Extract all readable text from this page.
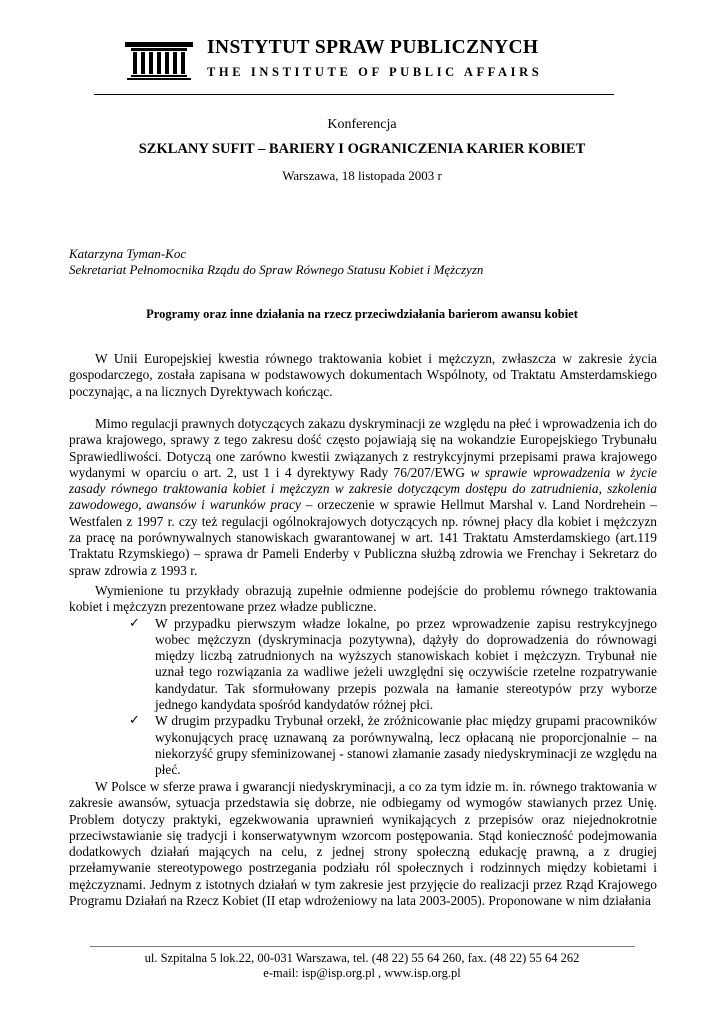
INSTYTUT SPRAW PUBLICZNYCH
THE INSTITUTE OF PUBLIC AFFAIRS
Konferencja
SZKLANY SUFIT – BARIERY I OGRANICZENIA KARIER KOBIET
Warszawa, 18 listopada 2003 r
Katarzyna Tyman-Koc
Sekretariat Pełnomocnika Rządu do Spraw Równego Statusu Kobiet i Mężczyzn
Programy oraz inne działania na rzecz przeciwdziałania barierom awansu kobiet

W Unii Europejskiej kwestia równego traktowania kobiet i mężczyzn, zwłaszcza w zakresie życia gospodarczego, została zapisana w podstawowych dokumentach Wspólnoty, od Traktatu Amsterdamskiego poczynając, a na licznych Dyrektywach kończąc.

Mimo regulacji prawnych dotyczących zakazu dyskryminacji ze względu na płeć i wprowadzenia ich do prawa krajowego, sprawy z tego zakresu dość często pojawiają się na wokandzie Europejskiego Trybunału Sprawiedliwości. Dotyczą one zarówno kwestii związanych z restrykcyjnymi przepisami prawa krajowego wydanymi w oparciu o art. 2, ust 1 i 4 dyrektywy Rady 76/207/EWG w sprawie wprowadzenia w życie zasady równego traktowania kobiet i mężczyzn w zakresie dotyczącym dostępu do zatrudnienia, szkolenia zawodowego, awansów i warunków pracy – orzeczenie w sprawie Hellmut Marshal v. Land Nordrehein – Westfalen z 1997 r. czy też regulacji ogólnokrajowych dotyczących np. równej płacy dla kobiet i mężczyzn za pracę na porównywalnych stanowiskach gwarantowanej w art. 141 Traktatu Amsterdamskiego (art.119 Traktatu Rzymskiego) – sprawa dr Pameli Enderby v Publiczna służbą zdrowia we Frenchay i Sekretarz do spraw zdrowia z 1993 r.

Wymienione tu przykłady obrazują zupełnie odmienne podejście do problemu równego traktowania kobiet i mężczyzn prezentowane przez władze publiczne.
✓ W przypadku pierwszym władze lokalne, po przez wprowadzenie zapisu restrykcyjnego wobec mężczyzn (dyskryminacja pozytywna), dążyły do doprowadzenia do równowagi między liczbą zatrudnionych na wyższych stanowiskach kobiet i mężczyzn. Trybunał nie uznał tego rozwiązania za wadliwe jeżeli uwzględni się oczywiście rzetelne rozpatrywanie kandydatur. Tak sformułowany przepis pozwala na łamanie stereotypów przy wyborze jednego kandydata spośród kandydatów różnej płci.
✓ W drugim przypadku Trybunał orzekł, że zróżnicowanie płac między grupami pracowników wykonujących pracę uznawaną za porównywalną, lecz opłacaną nie proporcjonalnie – na niekorzyść grupy sfeminizowanej - stanowi złamanie zasady niedyskryminacji ze względu na płeć.

W Polsce w sferze prawa i gwarancji niedyskryminacji, a co za tym idzie m. in. równego traktowania w zakresie awansów, sytuacja przedstawia się dobrze, nie odbiegamy od wymogów stawianych przez Unię. Problem dotyczy praktyki, egzekwowania uprawnień wynikających z przepisów oraz niejednokrotnie przeciwstawianie się tradycji i konserwatywnym wzorcom postępowania. Stąd konieczność podejmowania dodatkowych działań mających na celu, z jednej strony społeczną edukację prawną, a z drugiej przełamywanie stereotypowego postrzegania podziału ról społecznych i rodzinnych między kobietami i mężczyznami. Jednym z istotnych działań w tym zakresie jest przyjęcie do realizacji przez Rząd Krajowego Programu Działań na Rzecz Kobiet (II etap wdrożeniowy na lata 2003-2005). Proponowane w nim działania

ul. Szpitalna 5 lok.22, 00-031 Warszawa, tel. (48 22) 55 64 260, fax. (48 22) 55 64 262
e-mail: isp@isp.org.pl , www.isp.org.pl
